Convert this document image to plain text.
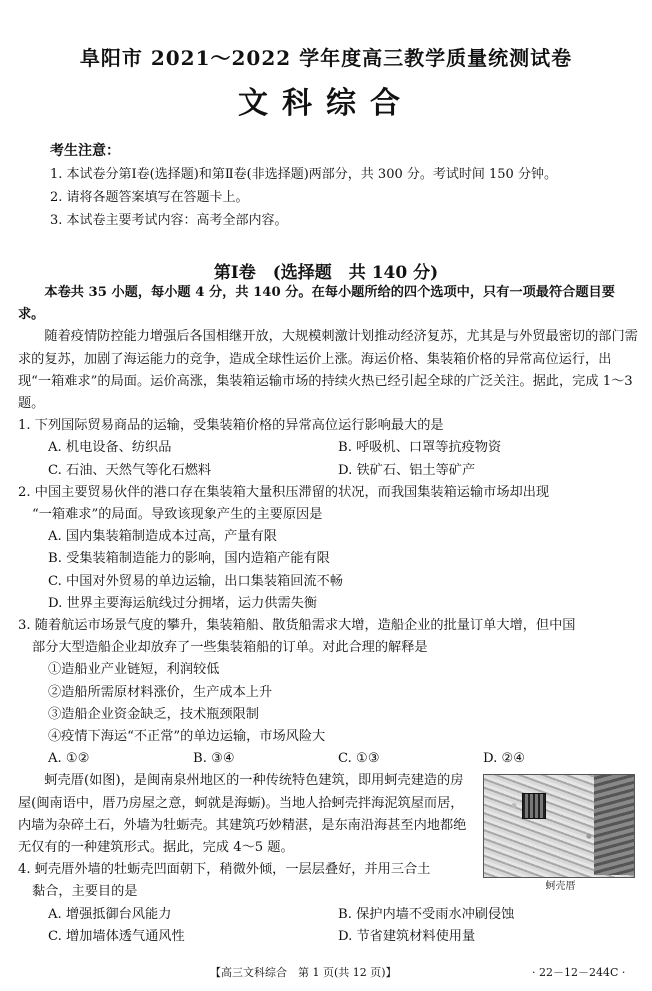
阜阳市 2021～2022 学年度高三教学质量统测试卷
文科综合
考生注意：
1. 本试卷分第Ⅰ卷(选择题)和第Ⅱ卷(非选择题)两部分，共 300 分。考试时间 150 分钟。
2. 请将各题答案填写在答题卡上。
3. 本试卷主要考试内容：高考全部内容。
第Ⅰ卷　(选择题　共 140 分)

本卷共 35 小题，每小题 4 分，共 140 分。在每小题所给的四个选项中，只有一项最符合题目要求。

随着疫情防控能力增强后各国相继开放，大规模刺激计划推动经济复苏，尤其是与外贸最密切的部门需求的复苏，加剧了海运能力的竞争，造成全球性运价上涨。海运价格、集装箱价格的异常高位运行，出现“一箱难求”的局面。运价高涨，集装箱运输市场的持续火热已经引起全球的广泛关注。据此，完成 1～3 题。

1. 下列国际贸易商品的运输，受集装箱价格的异常高位运行影响最大的是

A. 机电设备、纺织品	B. 呼吸机、口罩等抗疫物资
C. 石油、天然气等化石燃料	D. 铁矿石、铝土等矿产

2. 中国主要贸易伙伴的港口存在集装箱大量积压滞留的状况，而我国集装箱运输市场却出现

“一箱难求”的局面。导致该现象产生的主要原因是

A. 国内集装箱制造成本过高，产量有限
B. 受集装箱制造能力的影响，国内造箱产能有限
C. 中国对外贸易的单边运输，出口集装箱回流不畅
D. 世界主要海运航线过分拥堵，运力供需失衡

3. 随着航运市场景气度的攀升，集装箱船、散货船需求大增，造船企业的批量订单大增，但中国

部分大型造船企业却放弃了一些集装箱船的订单。对此合理的解释是

①造船业产业链短，利润较低
②造船所需原材料涨价，生产成本上升
③造船企业资金缺乏，技术瓶颈限制
④疫情下海运“不正常”的单边运输，市场风险大
A. ①②	B. ③④	C. ①③	D. ②④
蚵壳厝

蚵壳厝(如图)，是闽南泉州地区的一种传统特色建筑，即用蚵壳建造的房屋(闽南语中，厝乃房屋之意，蚵就是海蛎)。当地人拾蚵壳拌海泥筑屋而居，内墙为杂碎土石，外墙为牡蛎壳。其建筑巧妙精湛，是东南沿海甚至内地都绝无仅有的一种建筑形式。据此，完成 4～5 题。

4. 蚵壳厝外墙的牡蛎壳凹面朝下，稍微外倾，一层层叠好，并用三合土

黏合，主要目的是

A. 增强抵御台风能力	B. 保护内墙不受雨水冲刷侵蚀
C. 增加墙体透气通风性	D. 节省建筑材料使用量
【高三文科综合　第 1 页(共 12 页)】	· 22－12－244C ·
